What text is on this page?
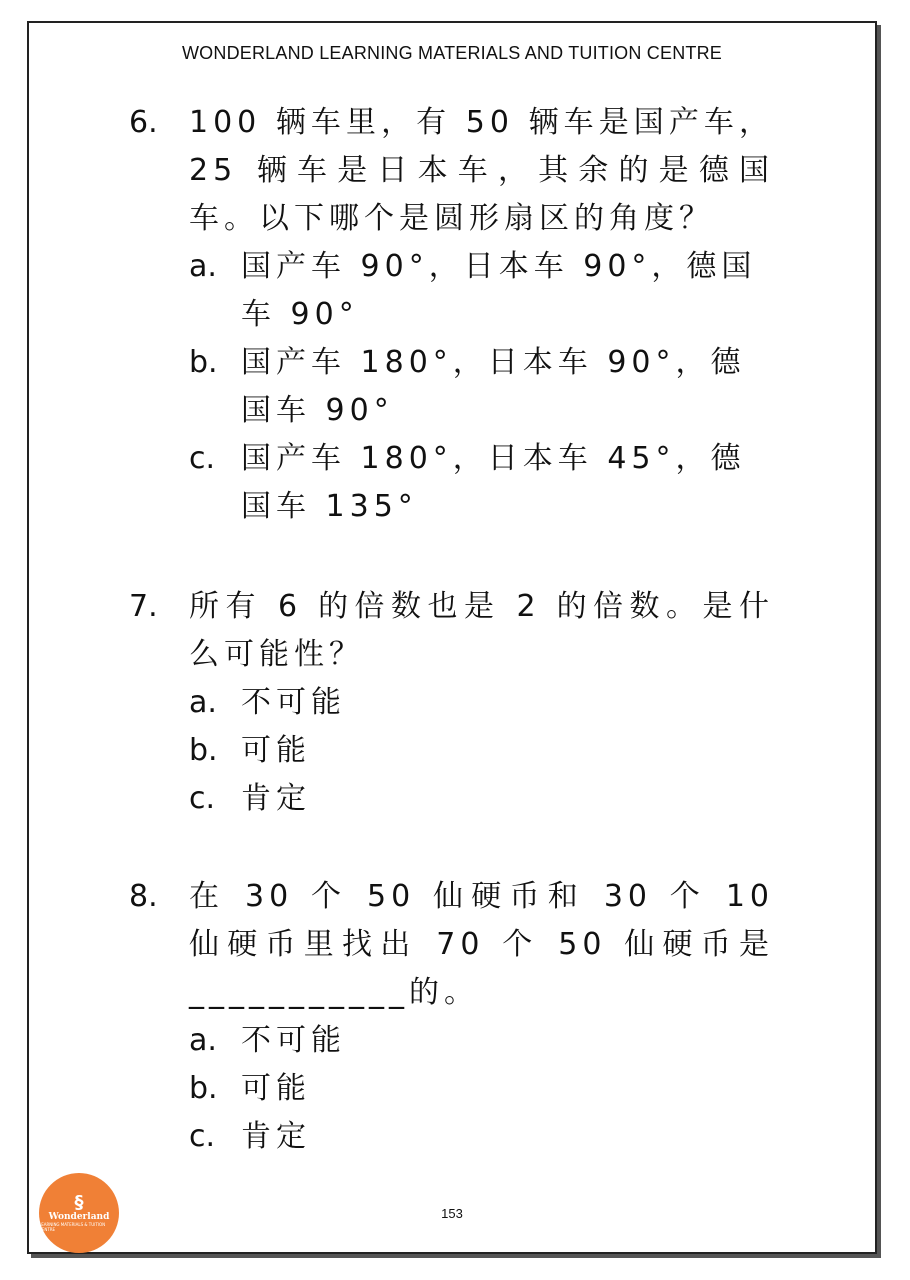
WONDERLAND LEARNING MATERIALS AND TUITION CENTRE
6. 100 辆车里，有 50 辆车是国产车，25 辆车是日本车，其余的是德国车。以下哪个是圆形扇区的角度？
a. 国产车 90°，日本车 90°，德国车 90°
b. 国产车 180°，日本车 90°，德国车 90°
c. 国产车 180°，日本车 45°，德国车 135°
7. 所有 6 的倍数也是 2 的倍数。是什么可能性？
a. 不可能
b. 可能
c. 肯定
8. 在 30 个 50 仙硬币和 30 个 10 仙硬币里找出 70 个 50 仙硬币是___________的。
a. 不可能
b. 可能
c. 肯定
§
Wonderland
LEARNING MATERIALS & TUITION CENTRE
153
